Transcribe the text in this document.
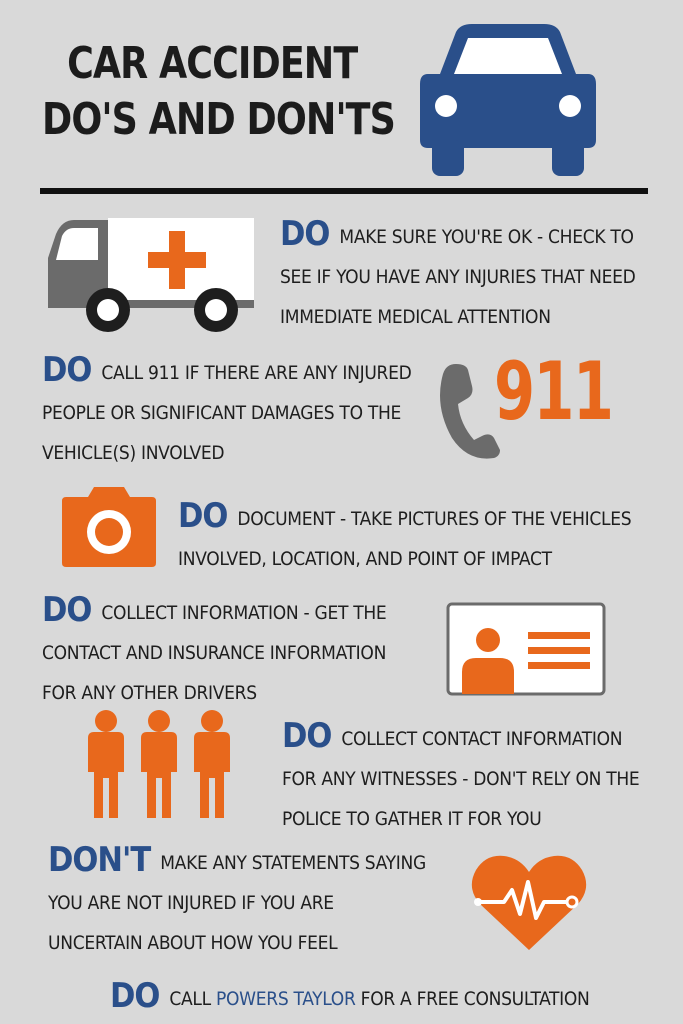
CAR ACCIDENT
DO'S AND DON'TS
DO MAKE SURE YOU'RE OK - CHECK TO SEE IF YOU HAVE ANY INJURIES THAT NEED IMMEDIATE MEDICAL ATTENTION
DO CALL 911 IF THERE ARE ANY INJURED PEOPLE OR SIGNIFICANT DAMAGES TO THE VEHICLE(S) INVOLVED
911
DO DOCUMENT - TAKE PICTURES OF THE VEHICLES INVOLVED, LOCATION, AND POINT OF IMPACT
DO COLLECT INFORMATION - GET THE CONTACT AND INSURANCE INFORMATION FOR ANY OTHER DRIVERS
DO COLLECT CONTACT INFORMATION FOR ANY WITNESSES - DON'T RELY ON THE POLICE TO GATHER IT FOR YOU
DON'T MAKE ANY STATEMENTS SAYING YOU ARE NOT INJURED IF YOU ARE UNCERTAIN ABOUT HOW YOU FEEL
DO CALL POWERS TAYLOR FOR A FREE CONSULTATION
